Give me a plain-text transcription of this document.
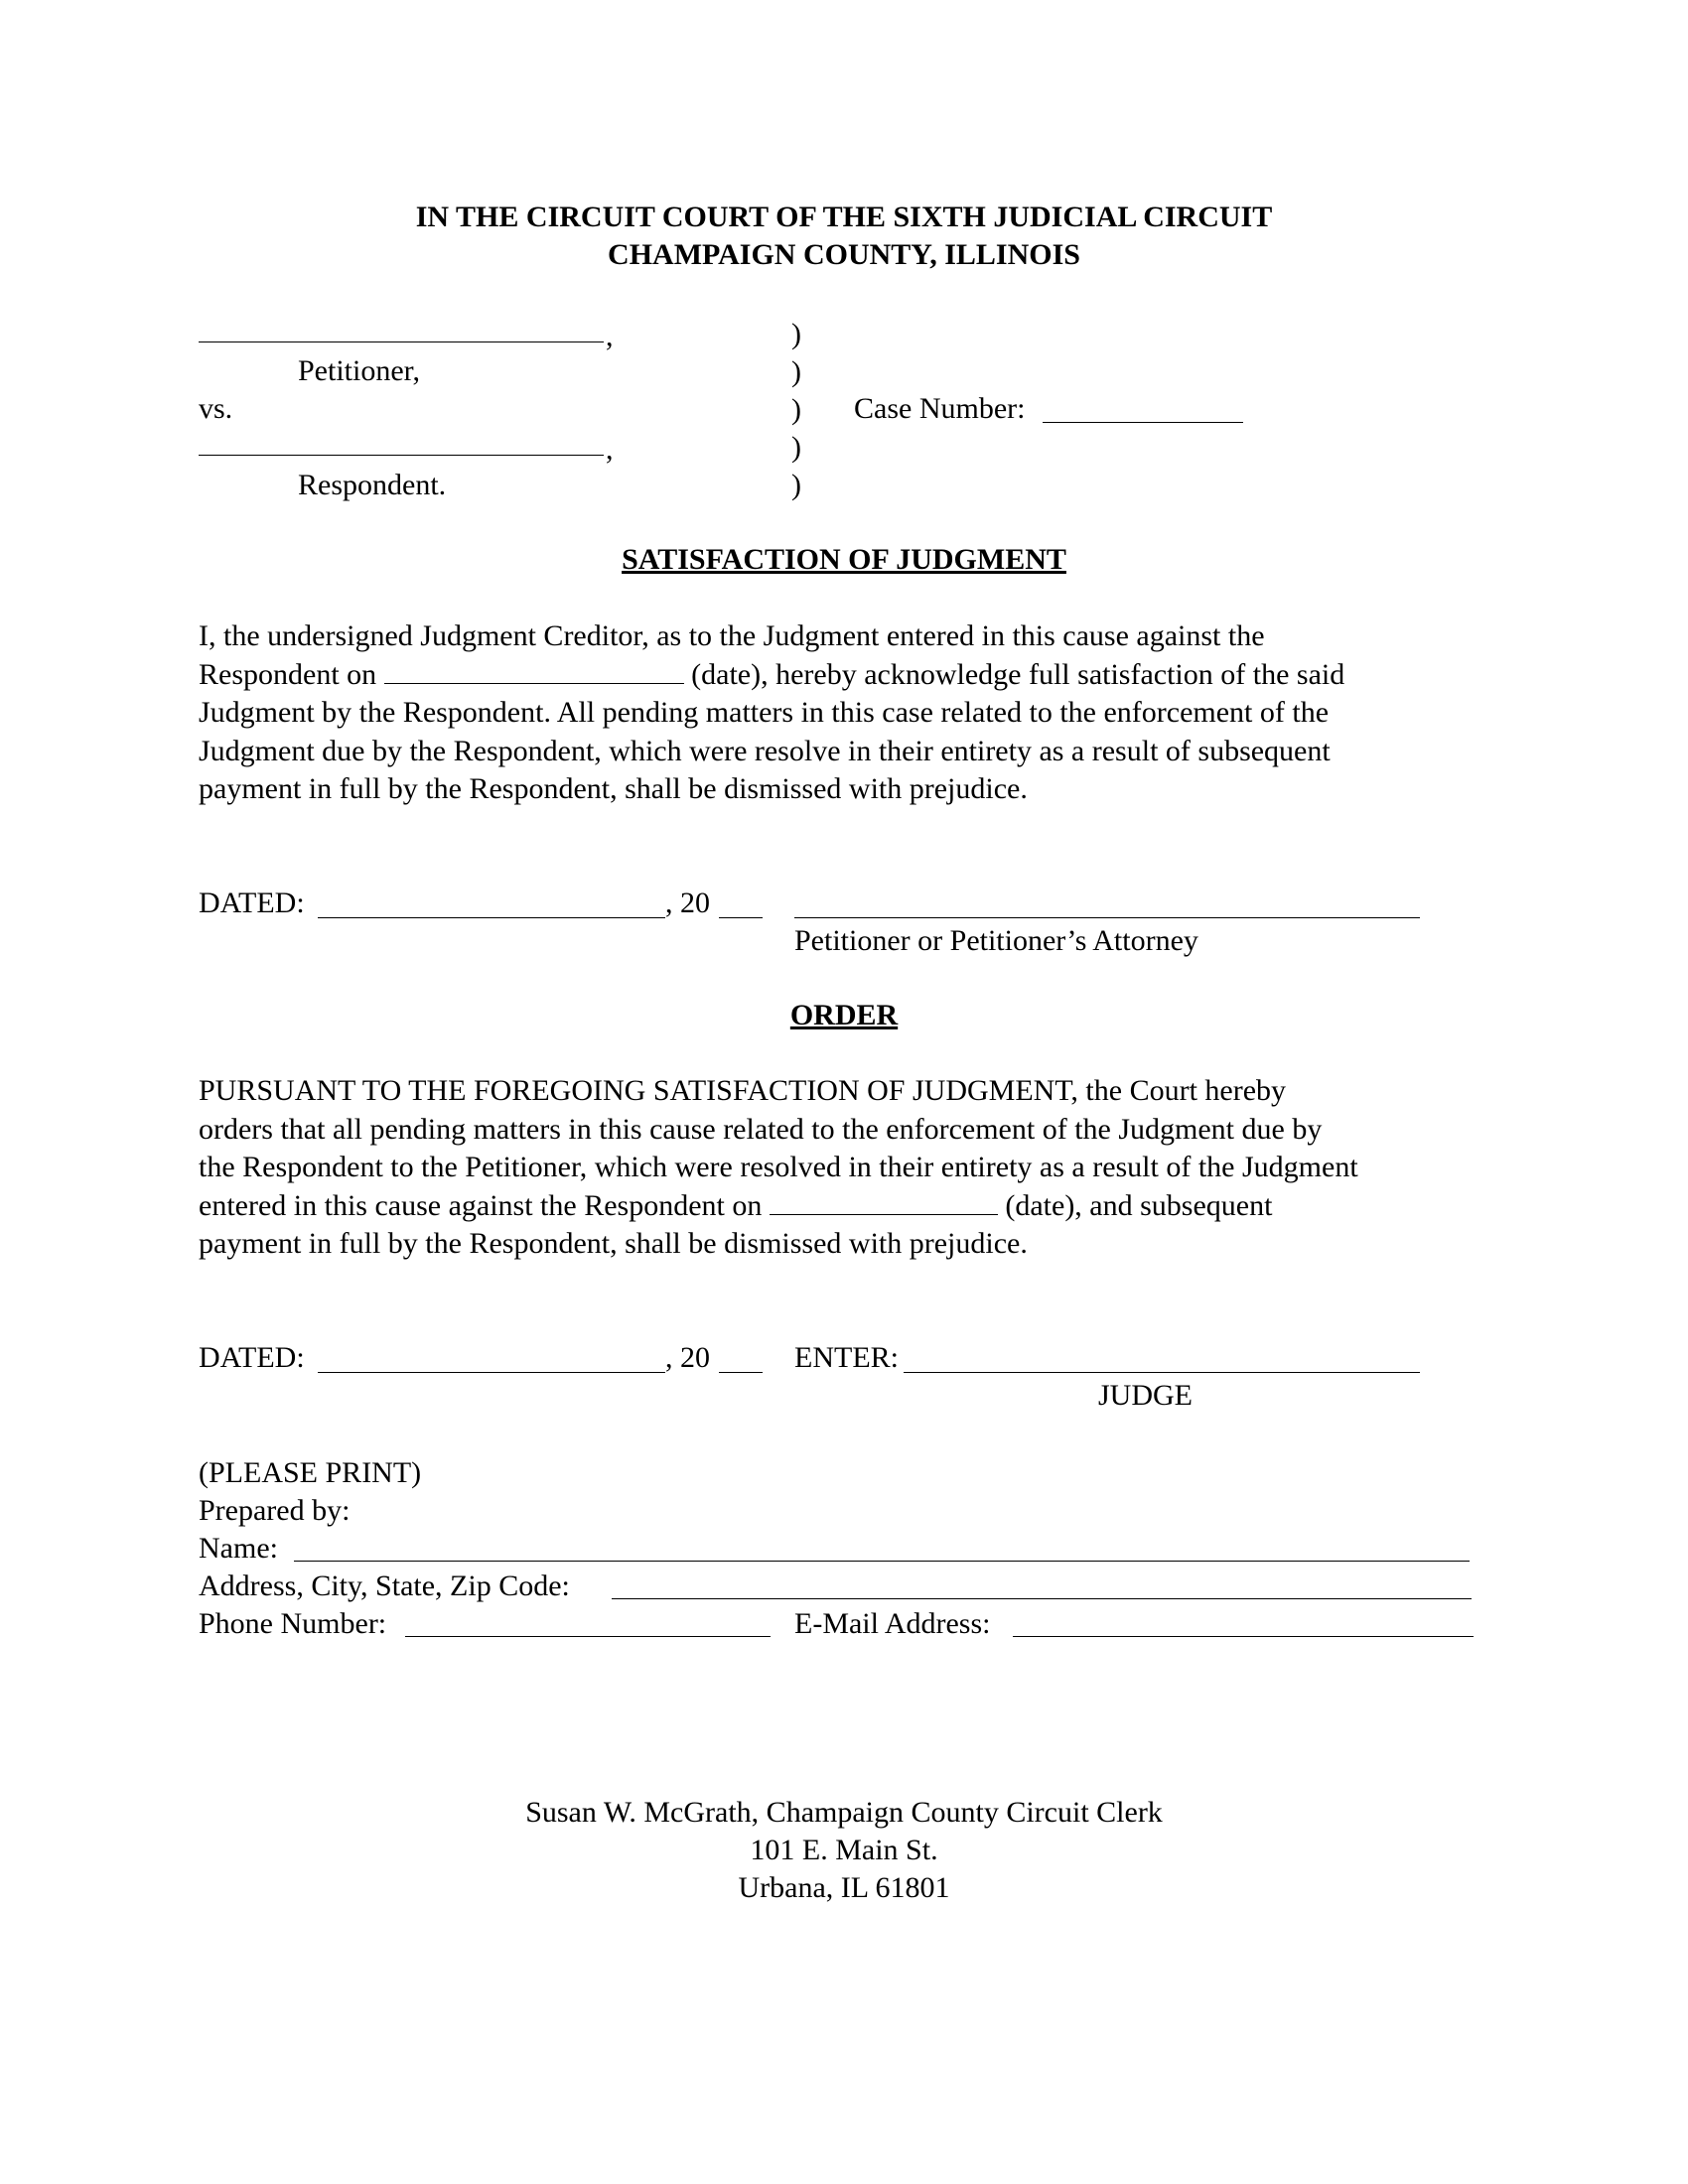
IN THE CIRCUIT COURT OF THE SIXTH JUDICIAL CIRCUIT
CHAMPAIGN COUNTY, ILLINOIS
,
Petitioner,
vs.
,
Respondent.
)
)
)
)
)
Case Number:
SATISFACTION OF JUDGMENT

I, the undersigned Judgment Creditor, as to the Judgment entered in this cause against the

Respondent on	(date), hereby acknowledge full satisfaction of the said

Judgment by the Respondent. All pending matters in this case related to the enforcement of the

Judgment due by the Respondent, which were resolve in their entirety as a result of subsequent

payment in full by the Respondent, shall be dismissed with prejudice.

DATED:	, 20
Petitioner or Petitioner’s Attorney
ORDER

PURSUANT TO THE FOREGOING SATISFACTION OF JUDGMENT, the Court hereby

orders that all pending matters in this cause related to the enforcement of the Judgment due by

the Respondent to the Petitioner, which were resolved in their entirety as a result of the Judgment

entered in this cause against the Respondent on	(date), and subsequent

payment in full by the Respondent, shall be dismissed with prejudice.

DATED:	, 20	ENTER:
JUDGE
(PLEASE PRINT)
Prepared by:
Name:
Address, City, State, Zip Code:
Phone Number:	E-Mail Address:
Susan W. McGrath, Champaign County Circuit Clerk
101 E. Main St.
Urbana, IL 61801
